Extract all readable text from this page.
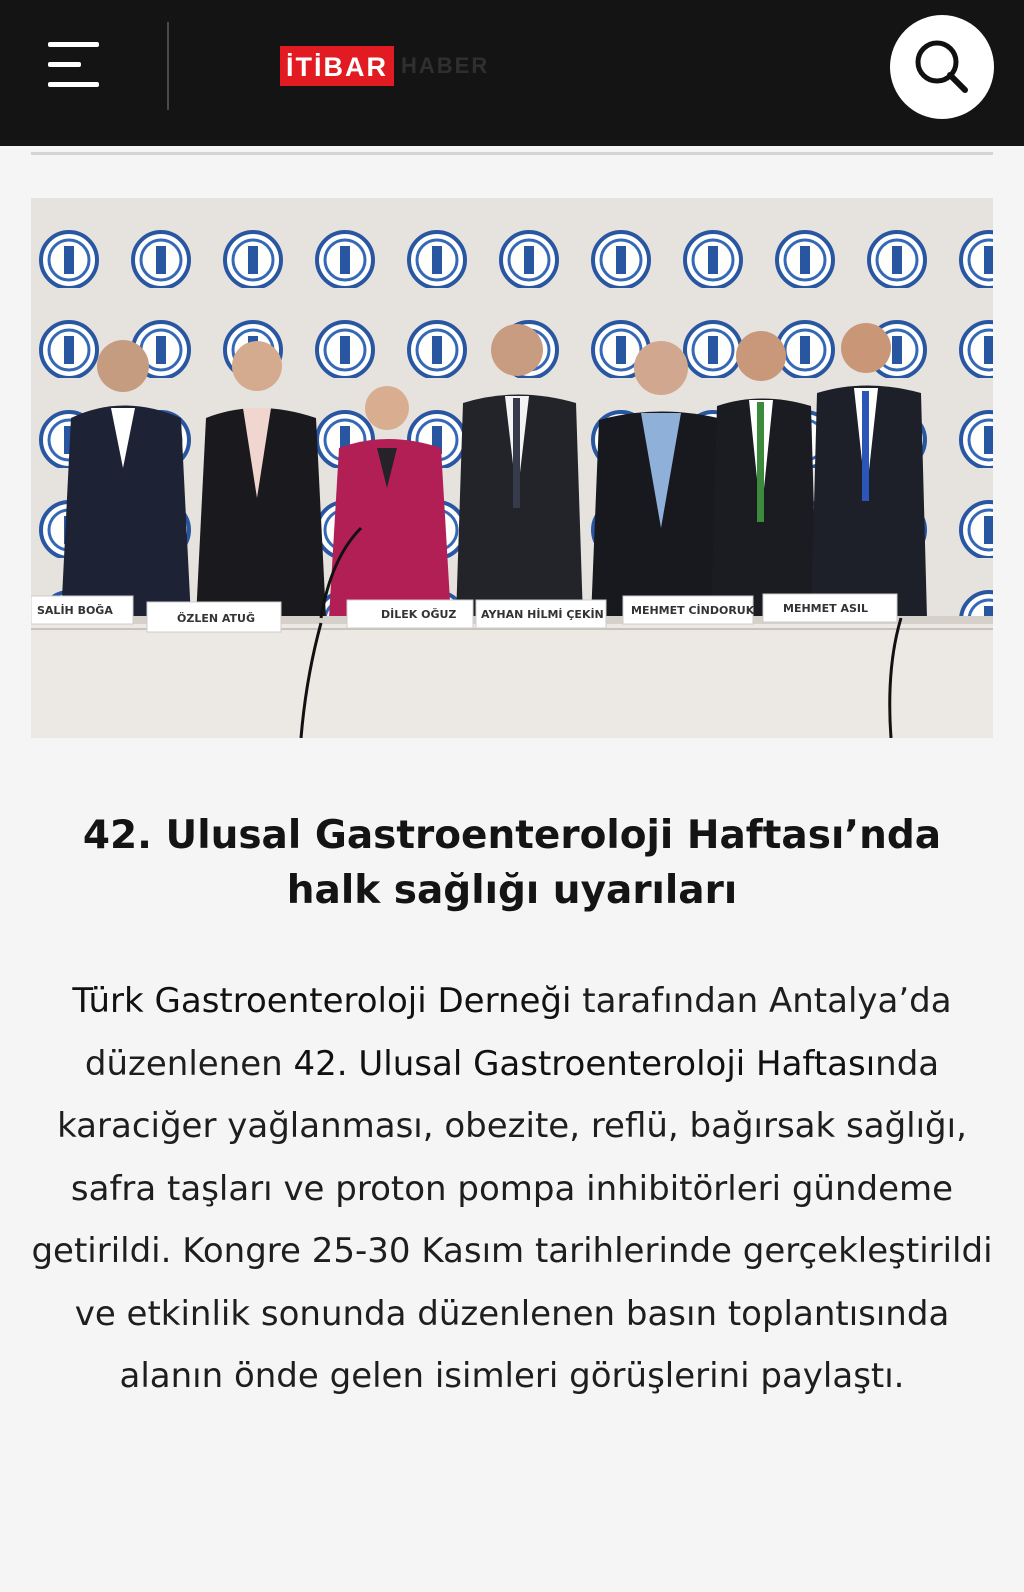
İTİBAR HABER
SALİH BOĞA
ÖZLEN ATUĞ	DİLEK OĞUZ AYHAN HİLMİ ÇEKİN MEHMET CİNDORUK	MEHMET ASIL
42. Ulusal Gastroenteroloji Haftası’nda
halk sağlığı uyarıları

Türk Gastroenteroloji Derneği tarafından Antalya’da düzenlenen 42. Ulusal Gastroenteroloji Haftasında karaciğer yağlanması, obezite, reflü, bağırsak sağlığı, safra taşları ve proton pompa inhibitörleri gündeme getirildi. Kongre 25-30 Kasım tarihlerinde gerçekleştirildi ve etkinlik sonunda düzenlenen basın toplantısında alanın önde gelen isimleri görüşlerini paylaştı.
